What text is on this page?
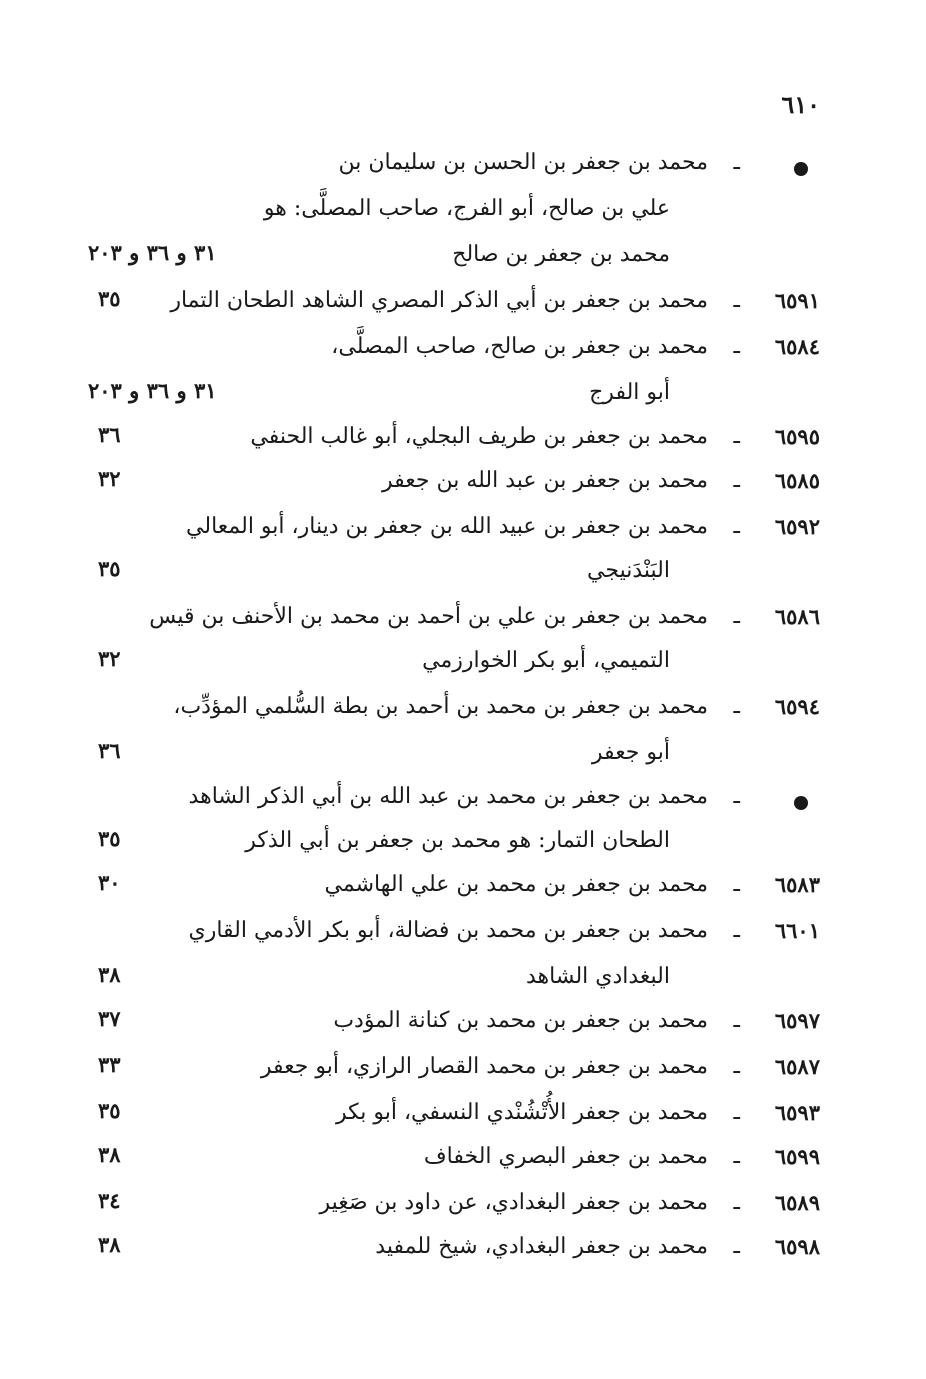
٦١٠
ـ
محمد بن جعفر بن الحسن بن سليمان بن
علي بن صالح، أبو الفرج، صاحب المصلَّى: هو
محمد بن جعفر بن صالح
٣١ و ٣٦ و ٢٠٣
٦٥٩١
ـ
محمد بن جعفر بن أبي الذكر المصري الشاهد الطحان التمار
٣٥
٦٥٨٤
ـ
محمد بن جعفر بن صالح، صاحب المصلَّى،
أبو الفرج
٣١ و ٣٦ و ٢٠٣
٦٥٩٥
ـ
محمد بن جعفر بن طريف البجلي، أبو غالب الحنفي
٣٦
٦٥٨٥
ـ
محمد بن جعفر بن عبد الله بن جعفر
٣٢
٦٥٩٢
ـ
محمد بن جعفر بن عبيد الله بن جعفر بن دينار، أبو المعالي
البَنْدَنيجي
٣٥
٦٥٨٦
ـ
محمد بن جعفر بن علي بن أحمد بن محمد بن الأحنف بن قيس
التميمي، أبو بكر الخوارزمي
٣٢
٦٥٩٤
ـ
محمد بن جعفر بن محمد بن أحمد بن بطة السُّلمي المؤدِّب،
أبو جعفر
٣٦
ـ
محمد بن جعفر بن محمد بن عبد الله بن أبي الذكر الشاهد
الطحان التمار: هو محمد بن جعفر بن أبي الذكر
٣٥
٦٥٨٣
ـ
محمد بن جعفر بن محمد بن علي الهاشمي
٣٠
٦٦٠١
ـ
محمد بن جعفر بن محمد بن فضالة، أبو بكر الأدمي القاري
البغدادي الشاهد
٣٨
٦٥٩٧
ـ
محمد بن جعفر بن محمد بن كنانة المؤدب
٣٧
٦٥٨٧
ـ
محمد بن جعفر بن محمد القصار الرازي، أبو جعفر
٣٣
٦٥٩٣
ـ
محمد بن جعفر الأُتْشُنْدي النسفي، أبو بكر
٣٥
٦٥٩٩
ـ
محمد بن جعفر البصري الخفاف
٣٨
٦٥٨٩
ـ
محمد بن جعفر البغدادي، عن داود بن صَغِير
٣٤
٦٥٩٨
ـ
محمد بن جعفر البغدادي، شيخ للمفيد
٣٨
